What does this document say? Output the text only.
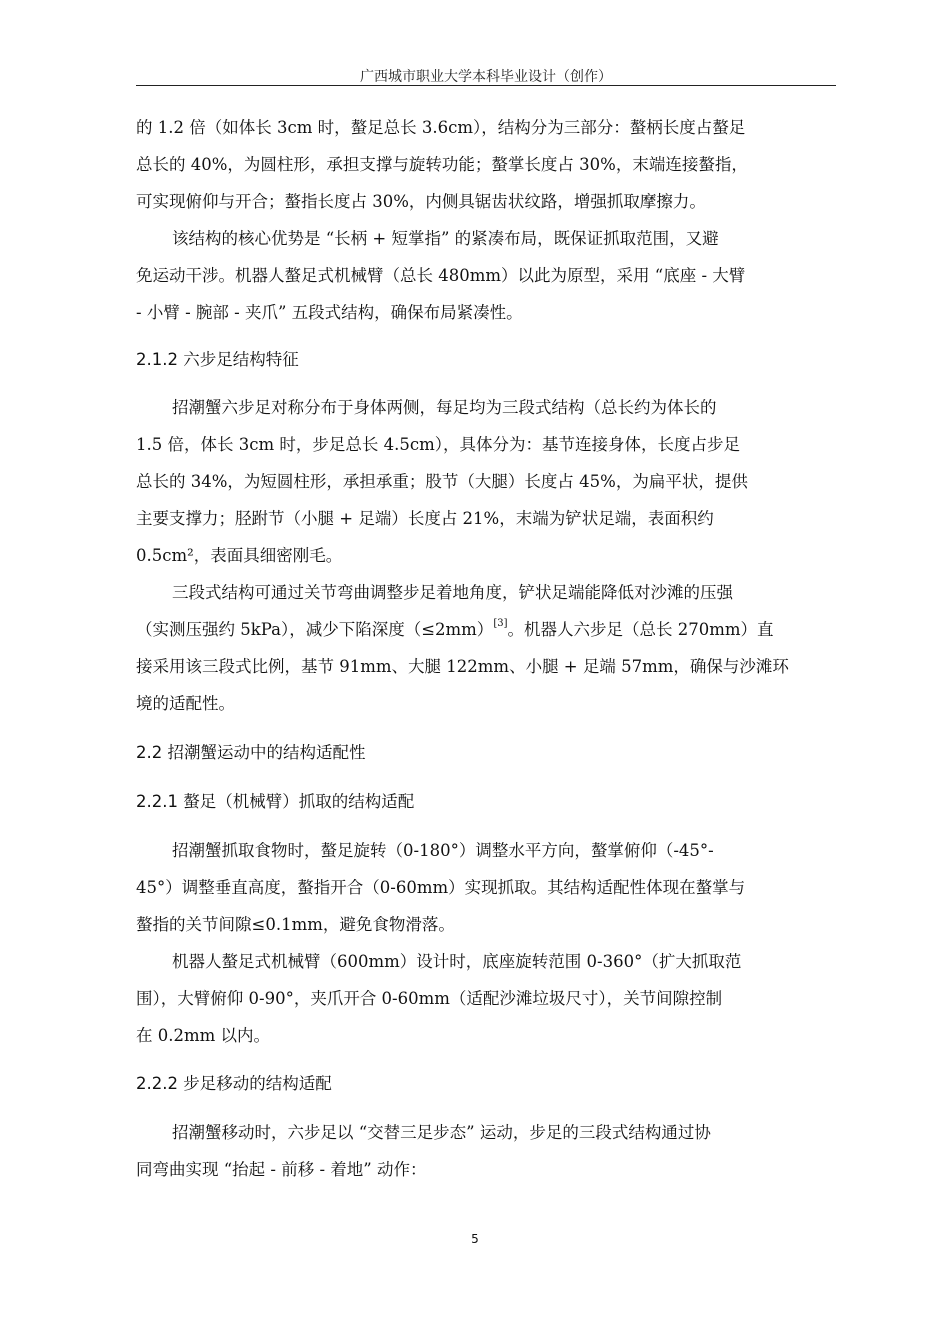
广西城市职业大学本科毕业设计（创作）
的 1.2 倍（如体长 3cm 时，螯足总长 3.6cm），结构分为三部分：螯柄长度占螯足
总长的 40%，为圆柱形，承担支撑与旋转功能；螯掌长度占 30%，末端连接螯指，
可实现俯仰与开合；螯指长度占 30%，内侧具锯齿状纹路，增强抓取摩擦力。
该结构的核心优势是 “长柄 + 短掌指” 的紧凑布局，既保证抓取范围，又避
免运动干涉。机器人螯足式机械臂（总长 480mm）以此为原型，采用 “底座 - 大臂
- 小臂 - 腕部 - 夹爪” 五段式结构，确保布局紧凑性。
2.1.2 六步足结构特征
招潮蟹六步足对称分布于身体两侧，每足均为三段式结构（总长约为体长的
1.5 倍，体长 3cm 时，步足总长 4.5cm），具体分为：基节连接身体，长度占步足
总长的 34%，为短圆柱形，承担承重；股节（大腿）长度占 45%，为扁平状，提供
主要支撑力；胫跗节（小腿 + 足端）长度占 21%，末端为铲状足端，表面积约
0.5cm²，表面具细密刚毛。
三段式结构可通过关节弯曲调整步足着地角度，铲状足端能降低对沙滩的压强
（实测压强约 5kPa），减少下陷深度（≤2mm）[3]。机器人六步足（总长 270mm）直
接采用该三段式比例，基节 91mm、大腿 122mm、小腿 + 足端 57mm，确保与沙滩环
境的适配性。
2.2 招潮蟹运动中的结构适配性
2.2.1 螯足（机械臂）抓取的结构适配
招潮蟹抓取食物时，螯足旋转（0-180°）调整水平方向，螯掌俯仰（-45°-
45°）调整垂直高度，螯指开合（0-60mm）实现抓取。其结构适配性体现在螯掌与
螯指的关节间隙≤0.1mm，避免食物滑落。
机器人螯足式机械臂（600mm）设计时，底座旋转范围 0-360°（扩大抓取范
围），大臂俯仰 0-90°，夹爪开合 0-60mm（适配沙滩垃圾尺寸），关节间隙控制
在 0.2mm 以内。
2.2.2 步足移动的结构适配
招潮蟹移动时，六步足以 “交替三足步态” 运动，步足的三段式结构通过协
同弯曲实现 “抬起 - 前移 - 着地” 动作：
5
